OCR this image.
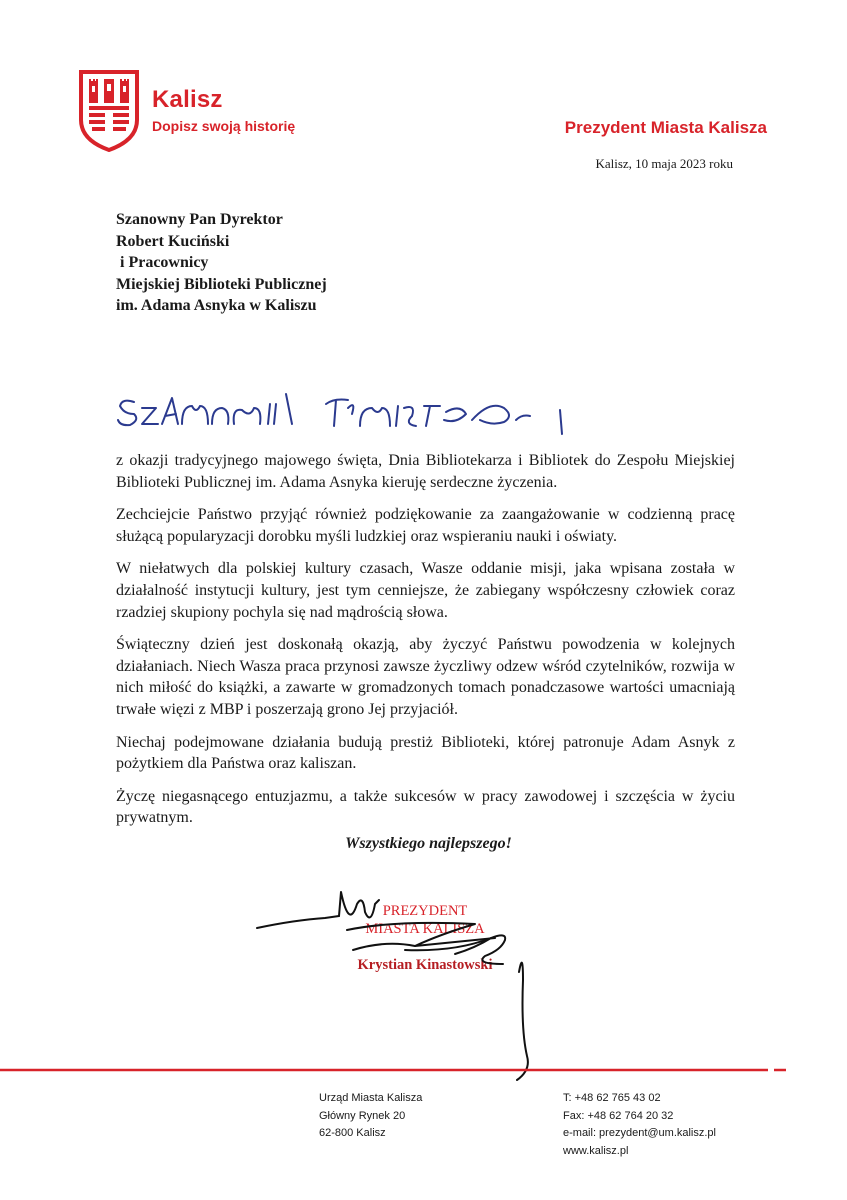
Kalisz
Dopisz swoją historię	Prezydent Miasta Kalisza
Kalisz, 10 maja 2023 roku
Szanowny Pan Dyrektor
Robert Kuciński
i Pracownicy
Miejskiej Biblioteki Publicznej
im. Adama Asnyka w Kaliszu

z okazji tradycyjnego majowego święta, Dnia Bibliotekarza i Bibliotek do Zespołu Miejskiej Biblioteki Publicznej im. Adama Asnyka kieruję serdeczne życzenia.

Zechciejcie Państwo przyjąć również podziękowanie za zaangażowanie w codzienną pracę służącą popularyzacji dorobku myśli ludzkiej oraz wspieraniu nauki i oświaty.

W niełatwych dla polskiej kultury czasach, Wasze oddanie misji, jaka wpisana została w działalność instytucji kultury, jest tym cenniejsze, że zabiegany współczesny człowiek coraz rzadziej skupiony pochyla się nad mądrością słowa.

Świąteczny dzień jest doskonałą okazją, aby życzyć Państwu powodzenia w kolejnych działaniach. Niech Wasza praca przynosi zawsze życzliwy odzew wśród czytelników, rozwija w nich miłość do książki, a zawarte w gromadzonych tomach ponadczasowe wartości umacniają trwałe więzi z MBP i poszerzają grono Jej przyjaciół.

Niechaj podejmowane działania budują prestiż Biblioteki, której patronuje Adam Asnyk z pożytkiem dla Państwa oraz kaliszan.

Życzę niegasnącego entuzjazmu, a także sukcesów w pracy zawodowej i szczęścia w życiu prywatnym.

Wszystkiego najlepszego!
PREZYDENT
MIASTA KALISZA
Krystian Kinastowski
Urząd Miasta Kalisza
Główny Rynek 20
62-800 Kalisz
T: +48 62 765 43 02
Fax: +48 62 764 20 32
e-mail: prezydent@um.kalisz.pl
www.kalisz.pl
